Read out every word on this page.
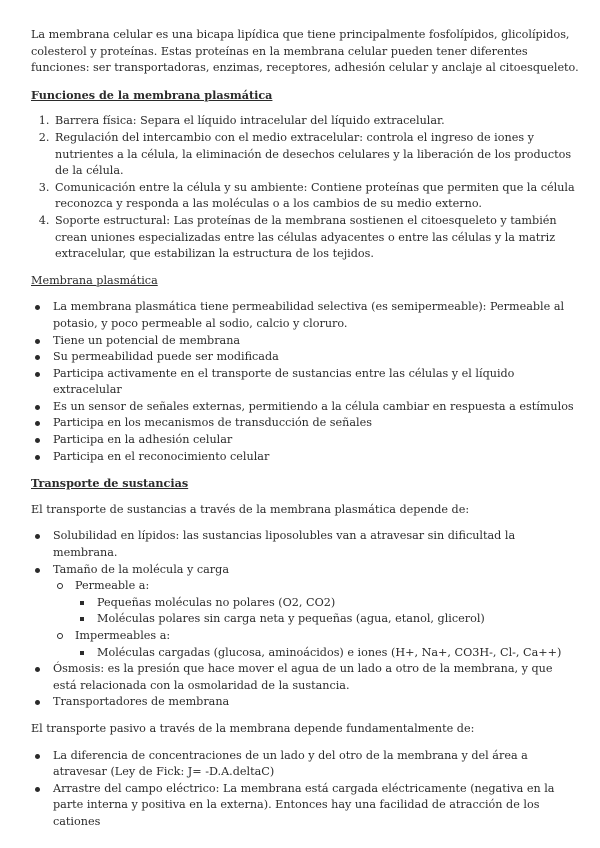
La membrana celular es una bicapa lipídica que tiene principalmente fosfolípidos, glicolípidos, colesterol y proteínas. Estas proteínas en la membrana celular pueden tener diferentes funciones: ser transportadoras, enzimas, receptores, adhesión celular y anclaje al citoesqueleto.

Funciones de la membrana plasmática

1. Barrera física: Separa el líquido intracelular del líquido extracelular.
2. Regulación del intercambio con el medio extracelular: controla el ingreso de iones y nutrientes a la célula, la eliminación de desechos celulares y la liberación de los productos de la célula.
3. Comunicación entre la célula y su ambiente: Contiene proteínas que permiten que la célula reconozca y responda a las moléculas o a los cambios de su medio externo.
4. Soporte estructural: Las proteínas de la membrana sostienen el citoesqueleto y también crean uniones especializadas entre las células adyacentes o entre las células y la matriz extracelular, que estabilizan la estructura de los tejidos.

Membrana plasmática

La membrana plasmática tiene permeabilidad selectiva (es semipermeable): Permeable al potasio, y poco permeable al sodio, calcio y cloruro.
Tiene un potencial de membrana
Su permeabilidad puede ser modificada
Participa activamente en el transporte de sustancias entre las células y el líquido extracelular
Es un sensor de señales externas, permitiendo a la célula cambiar en respuesta a estímulos
Participa en los mecanismos de transducción de señales
Participa en la adhesión celular
Participa en el reconocimiento celular

Transporte de sustancias

El transporte de sustancias a través de la membrana plasmática depende de:

Solubilidad en lípidos: las sustancias liposolubles van a atravesar sin dificultad la membrana.
Tamaño de la molécula y carga
Permeable a:
Pequeñas moléculas no polares (O2, CO2)
Moléculas polares sin carga neta y pequeñas (agua, etanol, glicerol)
Impermeables a:
Moléculas cargadas (glucosa, aminoácidos) e iones (H+, Na+, CO3H-, Cl-, Ca++)
Ósmosis: es la presión que hace mover el agua de un lado a otro de la membrana, y que está relacionada con la osmolaridad de la sustancia.
Transportadores de membrana

El transporte pasivo a través de la membrana depende fundamentalmente de:

La diferencia de concentraciones de un lado y del otro de la membrana y del área a atravesar (Ley de Fick: J= -D.A.deltaC)
Arrastre del campo eléctrico: La membrana está cargada eléctricamente (negativa en la parte interna y positiva en la externa). Entonces hay una facilidad de atracción de los cationes
